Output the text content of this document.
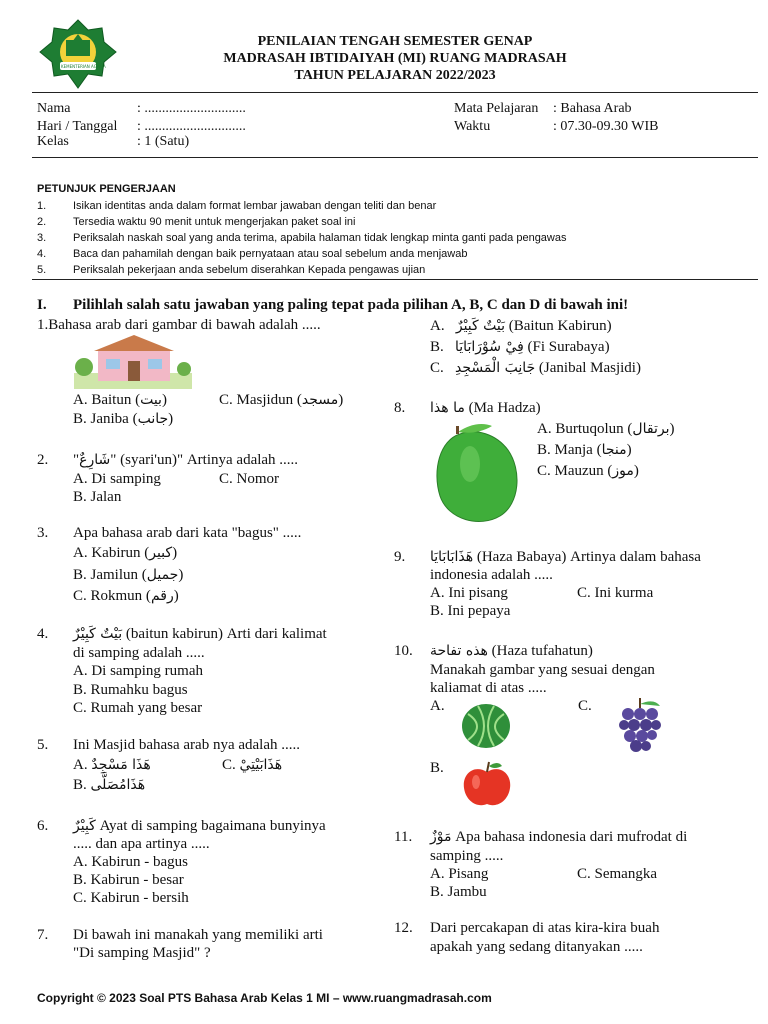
KEMENTERIAN AGAMA
PENILAIAN TENGAH SEMESTER GENAP
MADRASAH IBTIDAIYAH (MI) RUANG MADRASAH
TAHUN PELAJARAN 2022/2023
Nama	: .............................
Hari / Tanggal : .............................
Kelas	: 1 (Satu)
Mata Pelajaran : Bahasa Arab
Waktu	: 07.30-09.30 WIB
PETUNJUK PENGERJAAN
1. Isikan identitas anda dalam format lembar jawaban dengan teliti dan benar
2. Tersedia waktu 90 menit untuk mengerjakan paket soal ini
3. Periksalah naskah soal yang anda terima, apabila halaman tidak lengkap minta ganti pada pengawas
4. Baca dan pahamilah dengan baik pernyataan atau soal sebelum anda menjawab
5. Periksalah pekerjaan anda sebelum diserahkan Kepada pengawas ujian
I. Pilihlah salah satu jawaban yang paling tepat pada pilihan A, B, C dan D di bawah ini!
1.Bahasa arab dari gambar di bawah adalah .....
A. Baitun (بيت)	C. Masjidun (مسجد)
B. Janiba (جانب)
2. "شَارِعٌ" (syari'un)" Artinya adalah .....
A. Di samping	C. Nomor
B. Jalan
3. Apa bahasa arab dari kata "bagus" .....
A. Kabirun (كبير)
B. Jamilun (جميل)
C. Rokmun (رقم)
4. بَيْتٌ كَبِيْرٌ (baitun kabirun) Arti dari kalimat
di samping adalah .....
A. Di samping rumah
B. Rumahku bagus
C. Rumah yang besar
5. Ini Masjid bahasa arab nya adalah .....
A. هَذَا مَسْجِدٌ	C. هَذَابَيْتِيْ
B. هَذَامُصَلَّى
6. كَبِيْرٌ Ayat di samping bagaimana bunyinya
..... dan apa artinya .....
A. Kabirun - bagus
B. Kabirun - besar
C. Kabirun - bersih
7. Di bawah ini manakah yang memiliki arti
"Di samping Masjid" ?
A. بَيْتٌ كَبِيْرٌ (Baitun Kabirun)
B. فِيْ سُوْرَابَايَا (Fi Surabaya)
C. جَانِبَ الْمَسْجِدِ (Janibal Masjidi)
8. ما هذا (Ma Hadza)
A. Burtuqolun (برتقال)
B. Manja (منجا)
C. Mauzun (موز)
9. هَذَابَابَايَا (Haza Babaya) Artinya dalam bahasa
indonesia adalah .....
A. Ini pisang	C. Ini kurma
B. Ini pepaya
10. هذه تفاحة (Haza tufahatun)
Manakah gambar yang sesuai dengan
kaliamat di atas .....
A.	C.
B.
11. مَوْزٌ Apa bahasa indonesia dari mufrodat di
samping .....
A. Pisang	C. Semangka
B. Jambu
12. Dari percakapan di atas kira-kira buah
apakah yang sedang ditanyakan .....
Copyright © 2023 Soal PTS Bahasa Arab Kelas 1 MI – www.ruangmadrasah.com
